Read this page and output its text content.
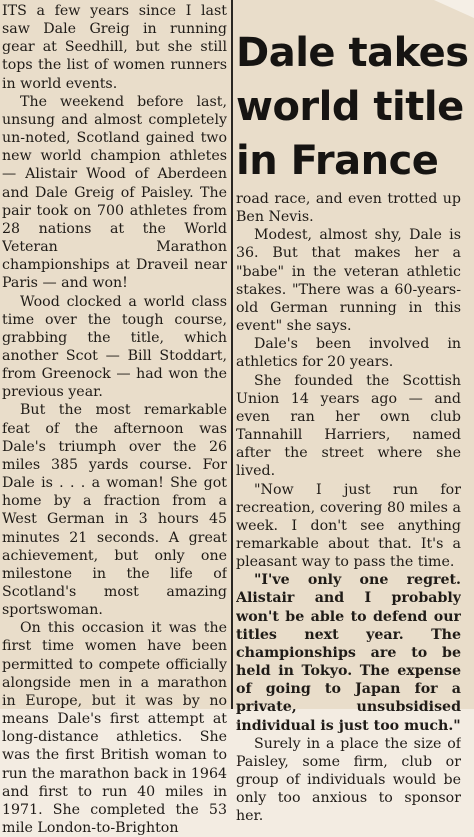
ITS a few years since I last saw Dale Greig in running gear at Seedhill, but she still tops the list of women runners in world events.

The weekend before last, unsung and almost completely un-noted, Scotland gained two new world champion athletes — Alistair Wood of Aberdeen and Dale Greig of Paisley. The pair took on 700 athletes from 28 nations at the World Veteran Marathon championships at Draveil near Paris — and won!

Wood clocked a world class time over the tough course, grabbing the title, which another Scot — Bill Stoddart, from Greenock — had won the previous year.

But the most remarkable feat of the afternoon was Dale's triumph over the 26 miles 385 yards course. For Dale is . . . a woman! She got home by a fraction from a West German in 3 hours 45 minutes 21 seconds. A great achievement, but only one milestone in the life of Scotland's most amazing sportswoman.

On this occasion it was the first time women have been permitted to compete officially alongside men in a marathon in Europe, but it was by no means Dale's first attempt at long-distance athletics. She was the first British woman to run the marathon back in 1964 and first to run 40 miles in 1971. She completed the 53 mile London-to-Brighton

Dale takes
world title
in France

road race, and even trotted up Ben Nevis.

Modest, almost shy, Dale is 36. But that makes her a "babe" in the veteran athletic stakes. "There was a 60-years-old German running in this event" she says.

Dale's been involved in athletics for 20 years.

She founded the Scottish Union 14 years ago — and even ran her own club Tannahill Harriers, named after the street where she lived.

"Now I just run for recreation, covering 80 miles a week. I don't see anything remarkable about that. It's a pleasant way to pass the time.

"I've only one regret. Alistair and I probably won't be able to defend our titles next year. The championships are to be held in Tokyo. The expense of going to Japan for a private, unsubsidised individual is just too much."

Surely in a place the size of Paisley, some firm, club or group of individuals would be only too anxious to sponsor her.
